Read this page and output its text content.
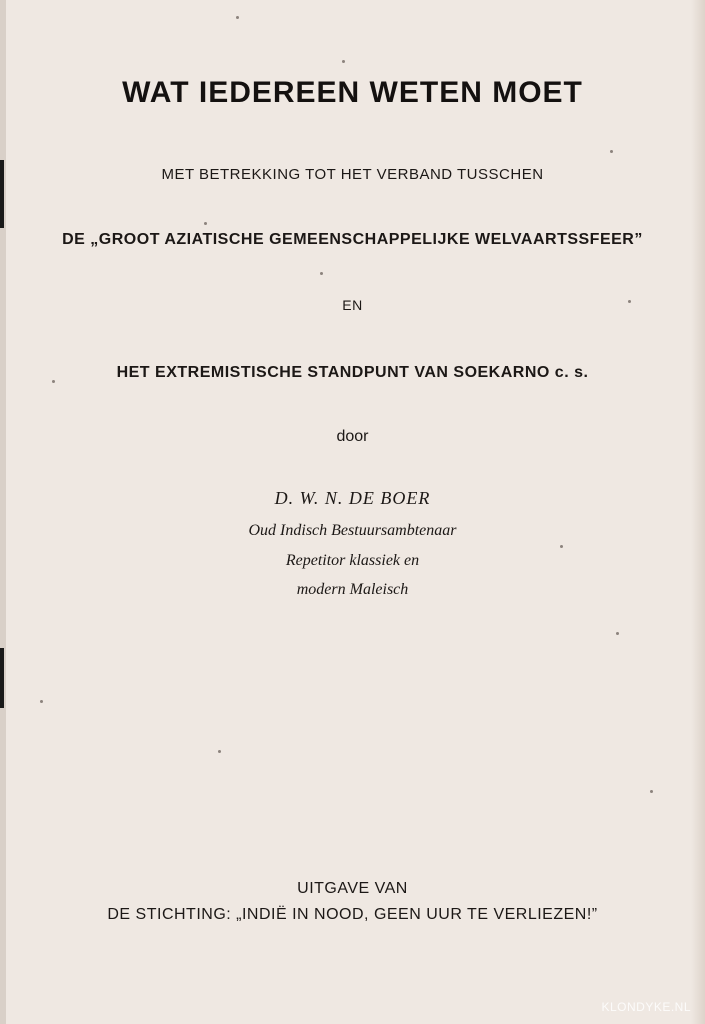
WAT IEDEREEN WETEN MOET
MET BETREKKING TOT HET VERBAND TUSSCHEN
DE „GROOT AZIATISCHE GEMEENSCHAPPELIJKE WELVAARTSSFEER”
EN
HET EXTREMISTISCHE STANDPUNT VAN SOEKARNO c. s.
door
D. W. N. DE BOER
Oud Indisch Bestuursambtenaar
Repetitor klassiek en
modern Maleisch
UITGAVE VAN
DE STICHTING: „INDIË IN NOOD, GEEN UUR TE VERLIEZEN!”
KLONDYKE.NL
